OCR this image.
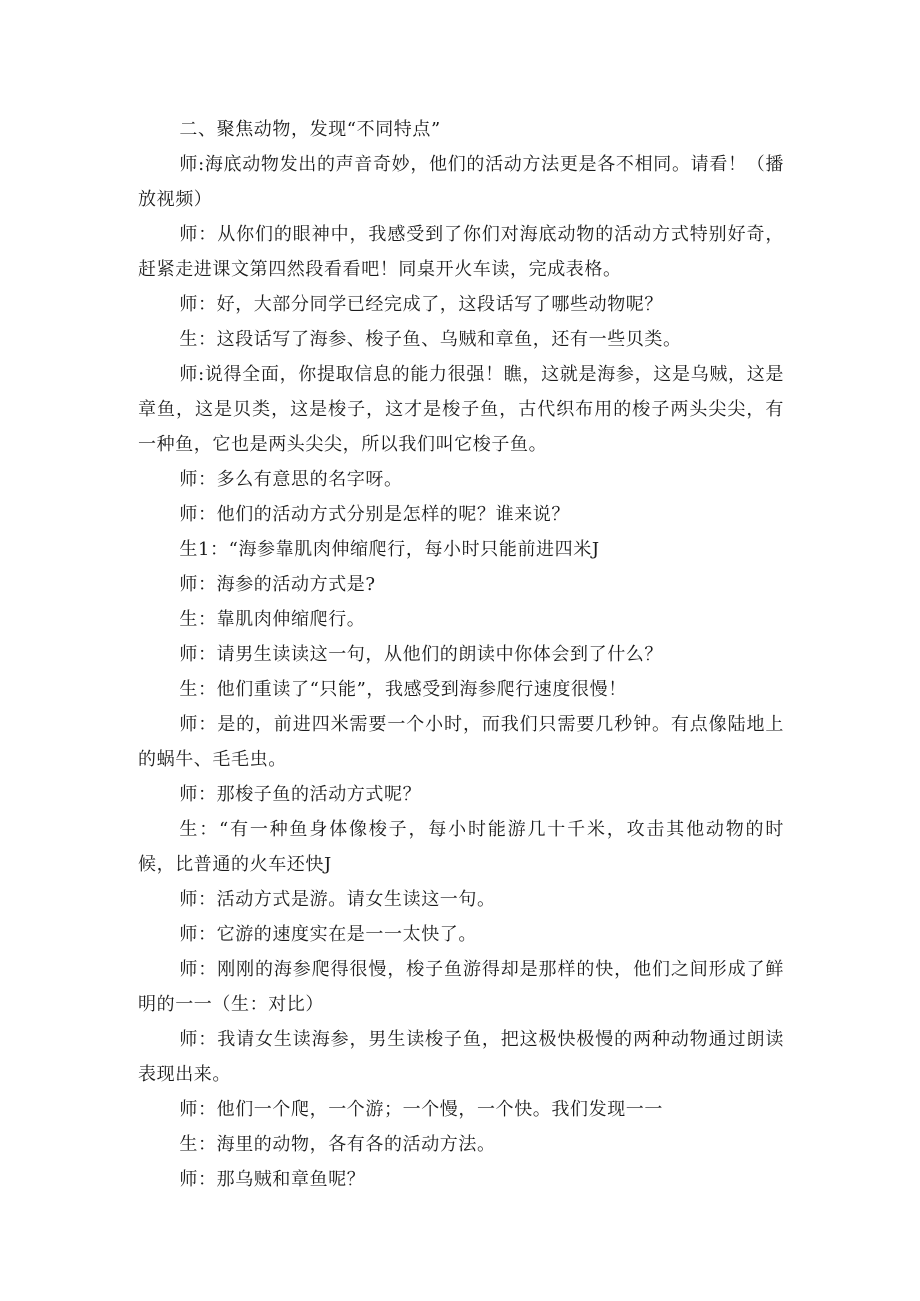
二、聚焦动物，发现“不同特点”

师:海底动物发出的声音奇妙，他们的活动方法更是各不相同。请看！（播放视频）

师：从你们的眼神中，我感受到了你们对海底动物的活动方式特别好奇，赶紧走进课文第四然段看看吧！同桌开火车读，完成表格。

师：好，大部分同学已经完成了，这段话写了哪些动物呢？

生：这段话写了海参、梭子鱼、乌贼和章鱼，还有一些贝类。

师:说得全面，你提取信息的能力很强！瞧，这就是海参，这是乌贼，这是章鱼，这是贝类，这是梭子，这才是梭子鱼，古代织布用的梭子两头尖尖，有一种鱼，它也是两头尖尖，所以我们叫它梭子鱼。

师：多么有意思的名字呀。

师：他们的活动方式分别是怎样的呢？谁来说？

生1：“海参靠肌肉伸缩爬行，每小时只能前进四米J

师：海参的活动方式是?

生：靠肌肉伸缩爬行。

师：请男生读读这一句，从他们的朗读中你体会到了什么？

生：他们重读了“只能”，我感受到海参爬行速度很慢！

师：是的，前进四米需要一个小时，而我们只需要几秒钟。有点像陆地上的蜗牛、毛毛虫。

师：那梭子鱼的活动方式呢？

生：“有一种鱼身体像梭子，每小时能游几十千米，攻击其他动物的时候，比普通的火车还快J

师：活动方式是游。请女生读这一句。

师：它游的速度实在是一一太快了。

师：刚刚的海参爬得很慢，梭子鱼游得却是那样的快，他们之间形成了鲜明的一一（生：对比）

师：我请女生读海参，男生读梭子鱼，把这极快极慢的两种动物通过朗读表现出来。

师：他们一个爬，一个游；一个慢，一个快。我们发现一一

生：海里的动物，各有各的活动方法。

师：那乌贼和章鱼呢？
